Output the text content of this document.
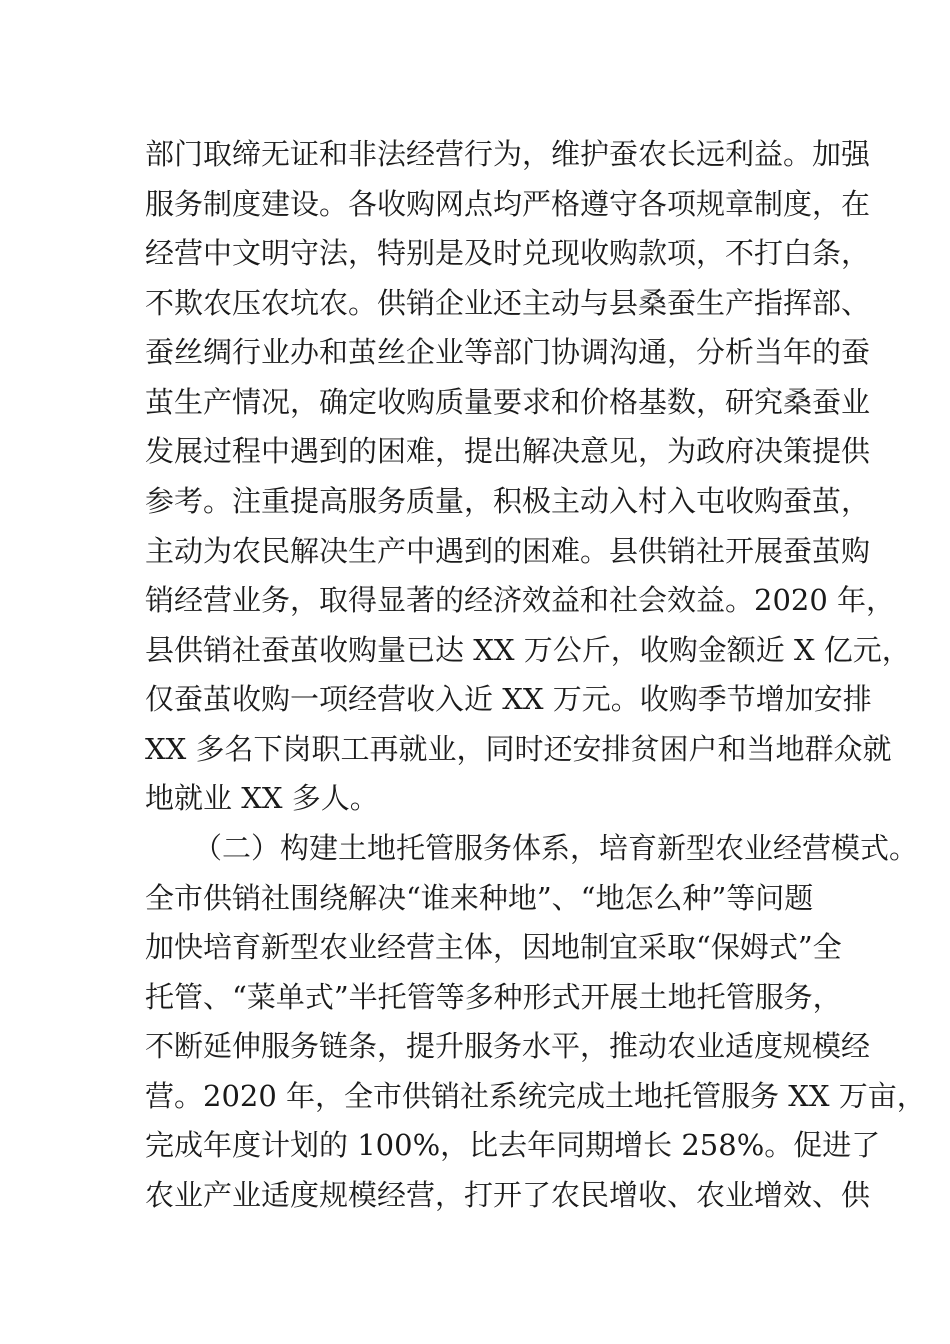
部门取缔无证和非法经营行为，维护蚕农长远利益。加强
服务制度建设。各收购网点均严格遵守各项规章制度，在
经营中文明守法，特别是及时兑现收购款项，不打白条，
不欺农压农坑农。供销企业还主动与县桑蚕生产指挥部、
蚕丝绸行业办和茧丝企业等部门协调沟通，分析当年的蚕
茧生产情况，确定收购质量要求和价格基数，研究桑蚕业
发展过程中遇到的困难，提出解决意见，为政府决策提供
参考。注重提高服务质量，积极主动入村入屯收购蚕茧，
主动为农民解决生产中遇到的困难。县供销社开展蚕茧购
销经营业务，取得显著的经济效益和社会效益。2020 年，
县供销社蚕茧收购量已达 XX 万公斤，收购金额近 X 亿元，
仅蚕茧收购一项经营收入近 XX 万元。收购季节增加安排
XX 多名下岗职工再就业，同时还安排贫困户和当地群众就
地就业 XX 多人。
（二）构建土地托管服务体系，培育新型农业经营模式。
全市供销社围绕解决“谁来种地”、“地怎么种”等问题
加快培育新型农业经营主体，因地制宜采取“保姆式”全
托管、“菜单式”半托管等多种形式开展土地托管服务，
不断延伸服务链条，提升服务水平，推动农业适度规模经
营。2020 年，全市供销社系统完成土地托管服务 XX 万亩，
完成年度计划的 100%，比去年同期增长 258%。促进了
农业产业适度规模经营，打开了农民增收、农业增效、供
